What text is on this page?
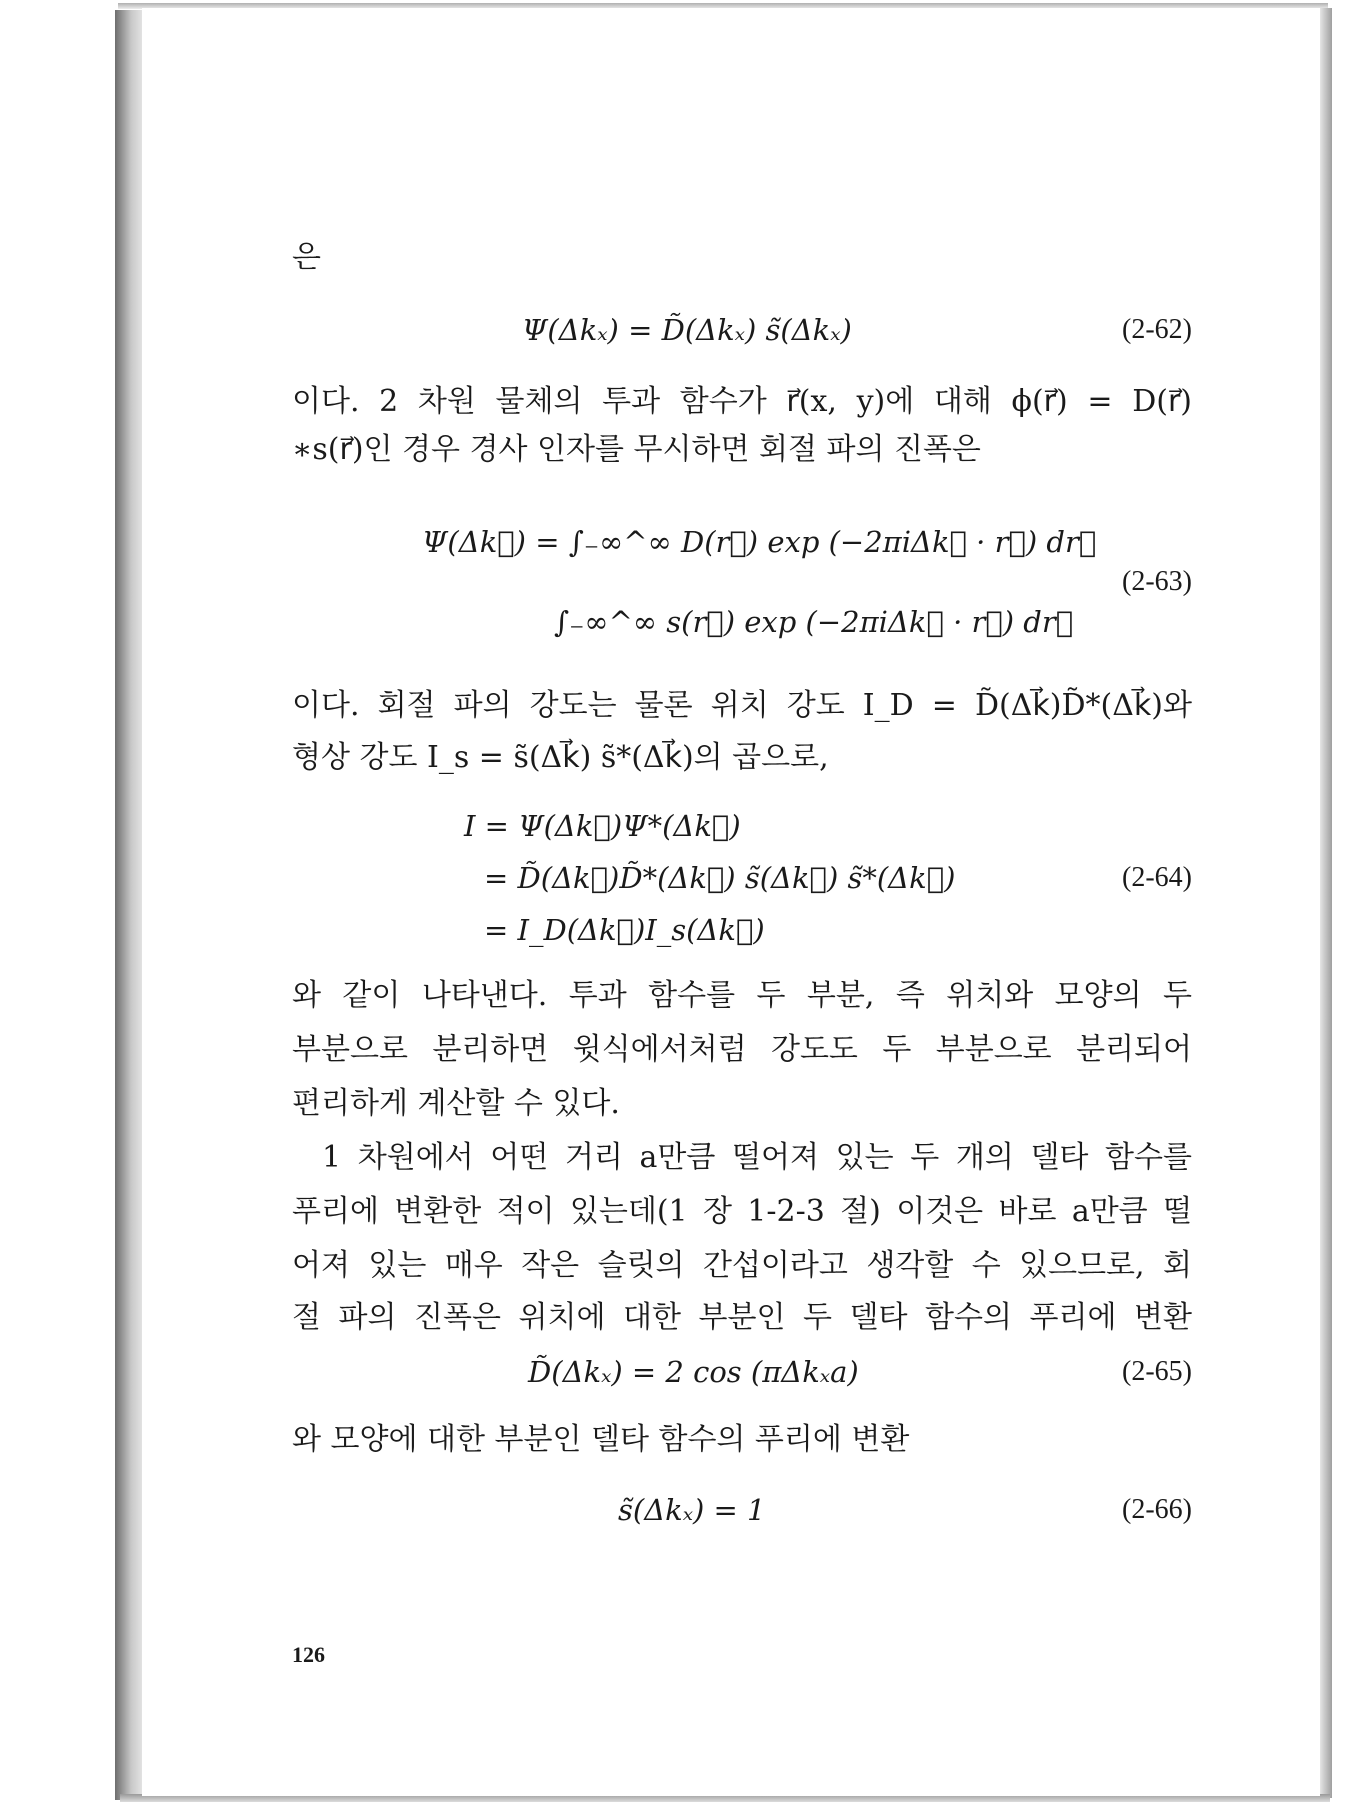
은
Ψ(Δkₓ) = D̃(Δkₓ) s̃(Δkₓ)	(2-62)
이다. 2 차원 물체의 투과 함수가 r⃗(x, y)에 대해 ϕ(r⃗) = D(r⃗)
∗s(r⃗)인 경우 경사 인자를 무시하면 회절 파의 진폭은
Ψ(Δk⃗) = ∫₋∞^∞ D(r⃗) exp (−2πiΔk⃗ · r⃗) dr⃗
∫₋∞^∞ s(r⃗) exp (−2πiΔk⃗ · r⃗) dr⃗
(2-63)
이다. 회절 파의 강도는 물론 위치 강도 I_D = D̃(Δk⃗)D̃*(Δk⃗)와
형상 강도 I_s = s̃(Δk⃗) s̃*(Δk⃗)의 곱으로,
I = Ψ(Δk⃗)Ψ*(Δk⃗)
= D̃(Δk⃗)D̃*(Δk⃗) s̃(Δk⃗) s̃*(Δk⃗)
= I_D(Δk⃗)I_s(Δk⃗)
(2-64)
와 같이 나타낸다. 투과 함수를 두 부분, 즉 위치와 모양의 두
부분으로 분리하면 윗식에서처럼 강도도 두 부분으로 분리되어
편리하게 계산할 수 있다.
1 차원에서 어떤 거리 a만큼 떨어져 있는 두 개의 델타 함수를
푸리에 변환한 적이 있는데(1 장 1-2-3 절) 이것은 바로 a만큼 떨
어져 있는 매우 작은 슬릿의 간섭이라고 생각할 수 있으므로, 회
절 파의 진폭은 위치에 대한 부분인 두 델타 함수의 푸리에 변환
D̃(Δkₓ) = 2 cos (πΔkₓa)	(2-65)
와 모양에 대한 부분인 델타 함수의 푸리에 변환
s̃(Δkₓ) = 1	(2-66)
126
